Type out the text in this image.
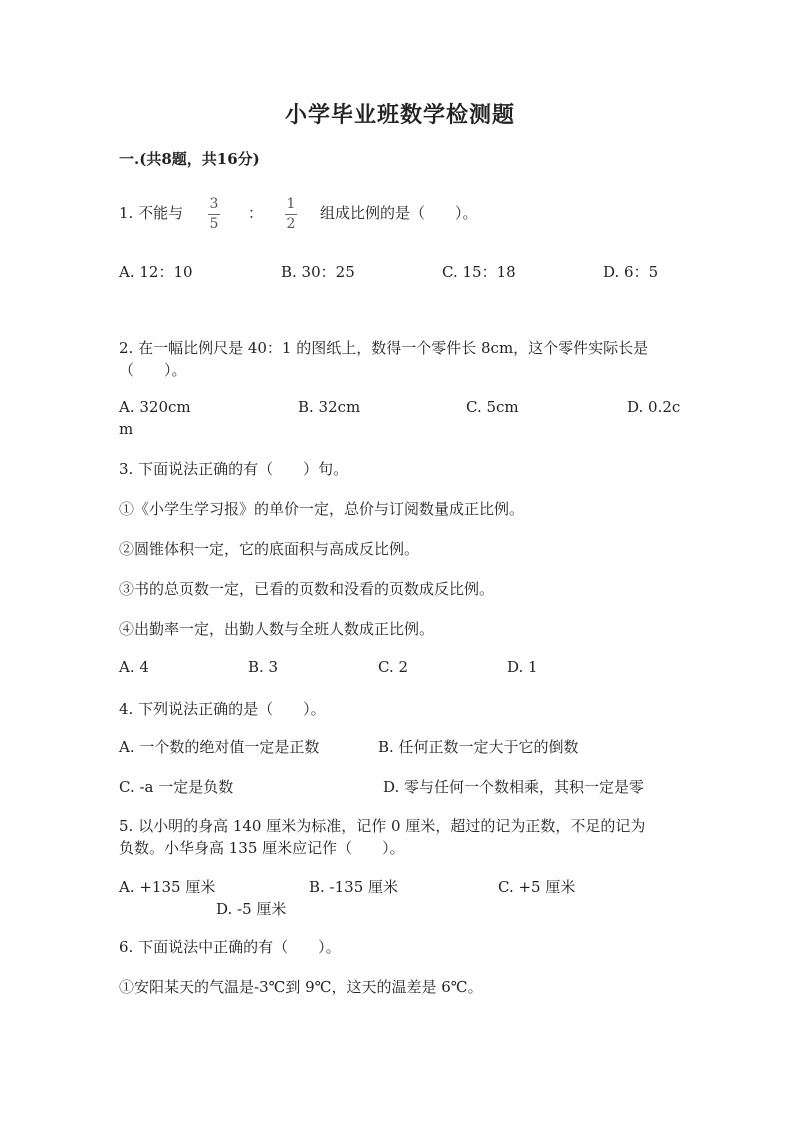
小学毕业班数学检测题
一.(共8题，共16分)
1. 不能与 3
5
： 1
2
组成比例的是（　　）。
A. 12：10	B. 30：25	C. 15：18	D. 6：5
2. 在一幅比例尺是 40：1 的图纸上，数得一个零件长 8cm，这个零件实际长是
（　　）。
A. 320cm	B. 32cm	C. 5cm	D. 0.2c
m
3. 下面说法正确的有（　　）句。
①《小学生学习报》的单价一定，总价与订阅数量成正比例。
②圆锥体积一定，它的底面积与高成反比例。
③书的总页数一定，已看的页数和没看的页数成反比例。
④出勤率一定，出勤人数与全班人数成正比例。
A. 4	B. 3	C. 2	D. 1
4. 下列说法正确的是（　　）。
A. 一个数的绝对值一定是正数	B. 任何正数一定大于它的倒数
C. -a 一定是负数	D. 零与任何一个数相乘，其积一定是零
5. 以小明的身高 140 厘米为标准，记作 0 厘米，超过的记为正数，不足的记为
负数。小华身高 135 厘米应记作（　　）。
A. +135 厘米	B. -135 厘米	C. +5 厘米
D. -5 厘米
6. 下面说法中正确的有（　　）。
①安阳某天的气温是-3℃到 9℃，这天的温差是 6℃。
